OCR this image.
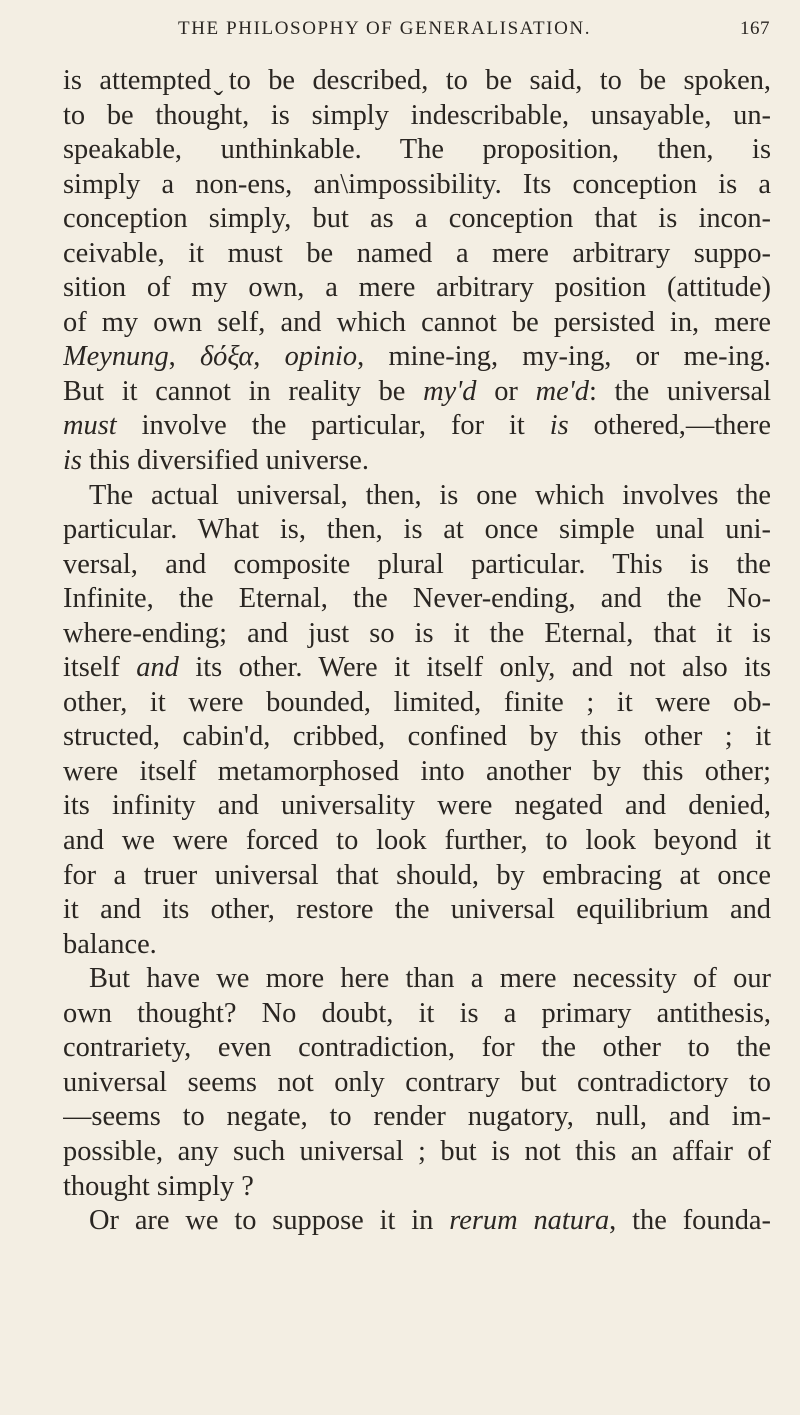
THE PHILOSOPHY OF GENERALISATION.	167
is attempted ̬to be described, to be said, to be spoken,
to be thought, is simply indescribable, unsayable, un-
speakable, unthinkable. The proposition, then, is
simply a non-ens, an\impossibility. Its conception is a
conception simply, but as a conception that is incon-
ceivable, it must be named a mere arbitrary suppo-
sition of my own, a mere arbitrary position (attitude)
of my own self, and which cannot be persisted in, mere
Meynung, δόξα, opinio, mine-ing, my-ing, or me-ing.
But it cannot in reality be my'd or me'd: the universal
must involve the particular, for it is othered,—there
is this diversified universe.
The actual universal, then, is one which involves the
particular. What is, then, is at once simple unal uni-
versal, and composite plural particular. This is the
Infinite, the Eternal, the Never-ending, and the No-
where-ending; and just so is it the Eternal, that it is
itself and its other. Were it itself only, and not also its
other, it were bounded, limited, finite ; it were ob-
structed, cabin'd, cribbed, confined by this other ; it
were itself metamorphosed into another by this other;
its infinity and universality were negated and denied,
and we were forced to look further, to look beyond it
for a truer universal that should, by embracing at once
it and its other, restore the universal equilibrium and
balance.
But have we more here than a mere necessity of our
own thought? No doubt, it is a primary antithesis,
contrariety, even contradiction, for the other to the
universal seems not only contrary but contradictory to
—seems to negate, to render nugatory, null, and im-
possible, any such universal ; but is not this an affair of
thought simply ?
Or are we to suppose it in rerum natura, the founda-
